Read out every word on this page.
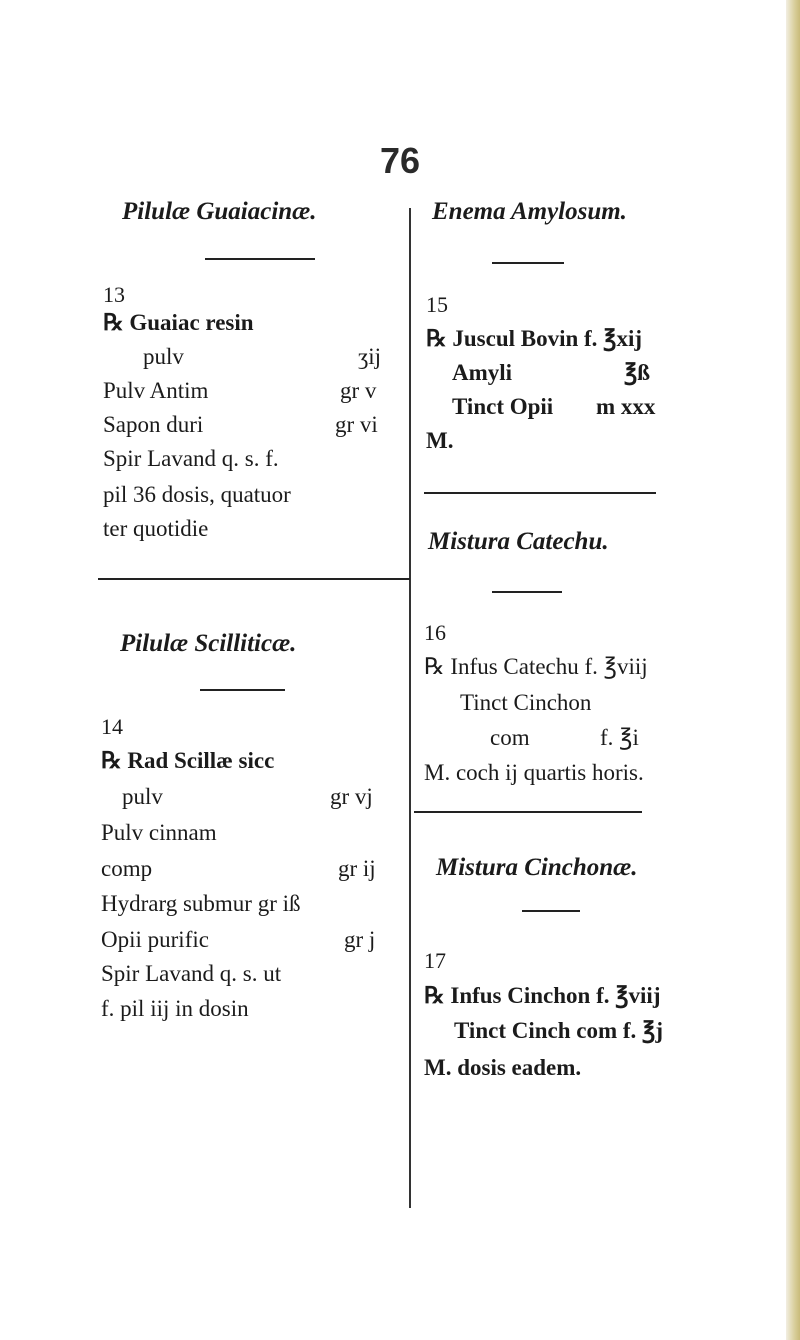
76
Pilulæ Guaiacinæ.
13
℞ Guaiac resin
pulv	ʒij
Pulv Antim	gr v
Sapon duri	gr vi
Spir Lavand q. s. f.
pil 36 dosis, quatuor
ter quotidie
Pilulæ Scilliticæ.
14
℞ Rad Scillæ sicc
pulv	gr vj
Pulv cinnam
comp	gr ij
Hydrarg submur gr iß
Opii purific	gr j
Spir Lavand q. s. ut
f. pil iij in dosin
Enema Amylosum.
15
℞ Juscul Bovin f. ℥xij
Amyli	℥ß
Tinct Opii m xxx
M.
Mistura Catechu.
16
℞ Infus Catechu f. ℥viij
Tinct Cinchon
com	f. ℥i
M. coch ij quartis horis.
Mistura Cinchonæ.
17
℞ Infus Cinchon f. ℥viij
Tinct Cinch com f. ℥j
M. dosis eadem.
